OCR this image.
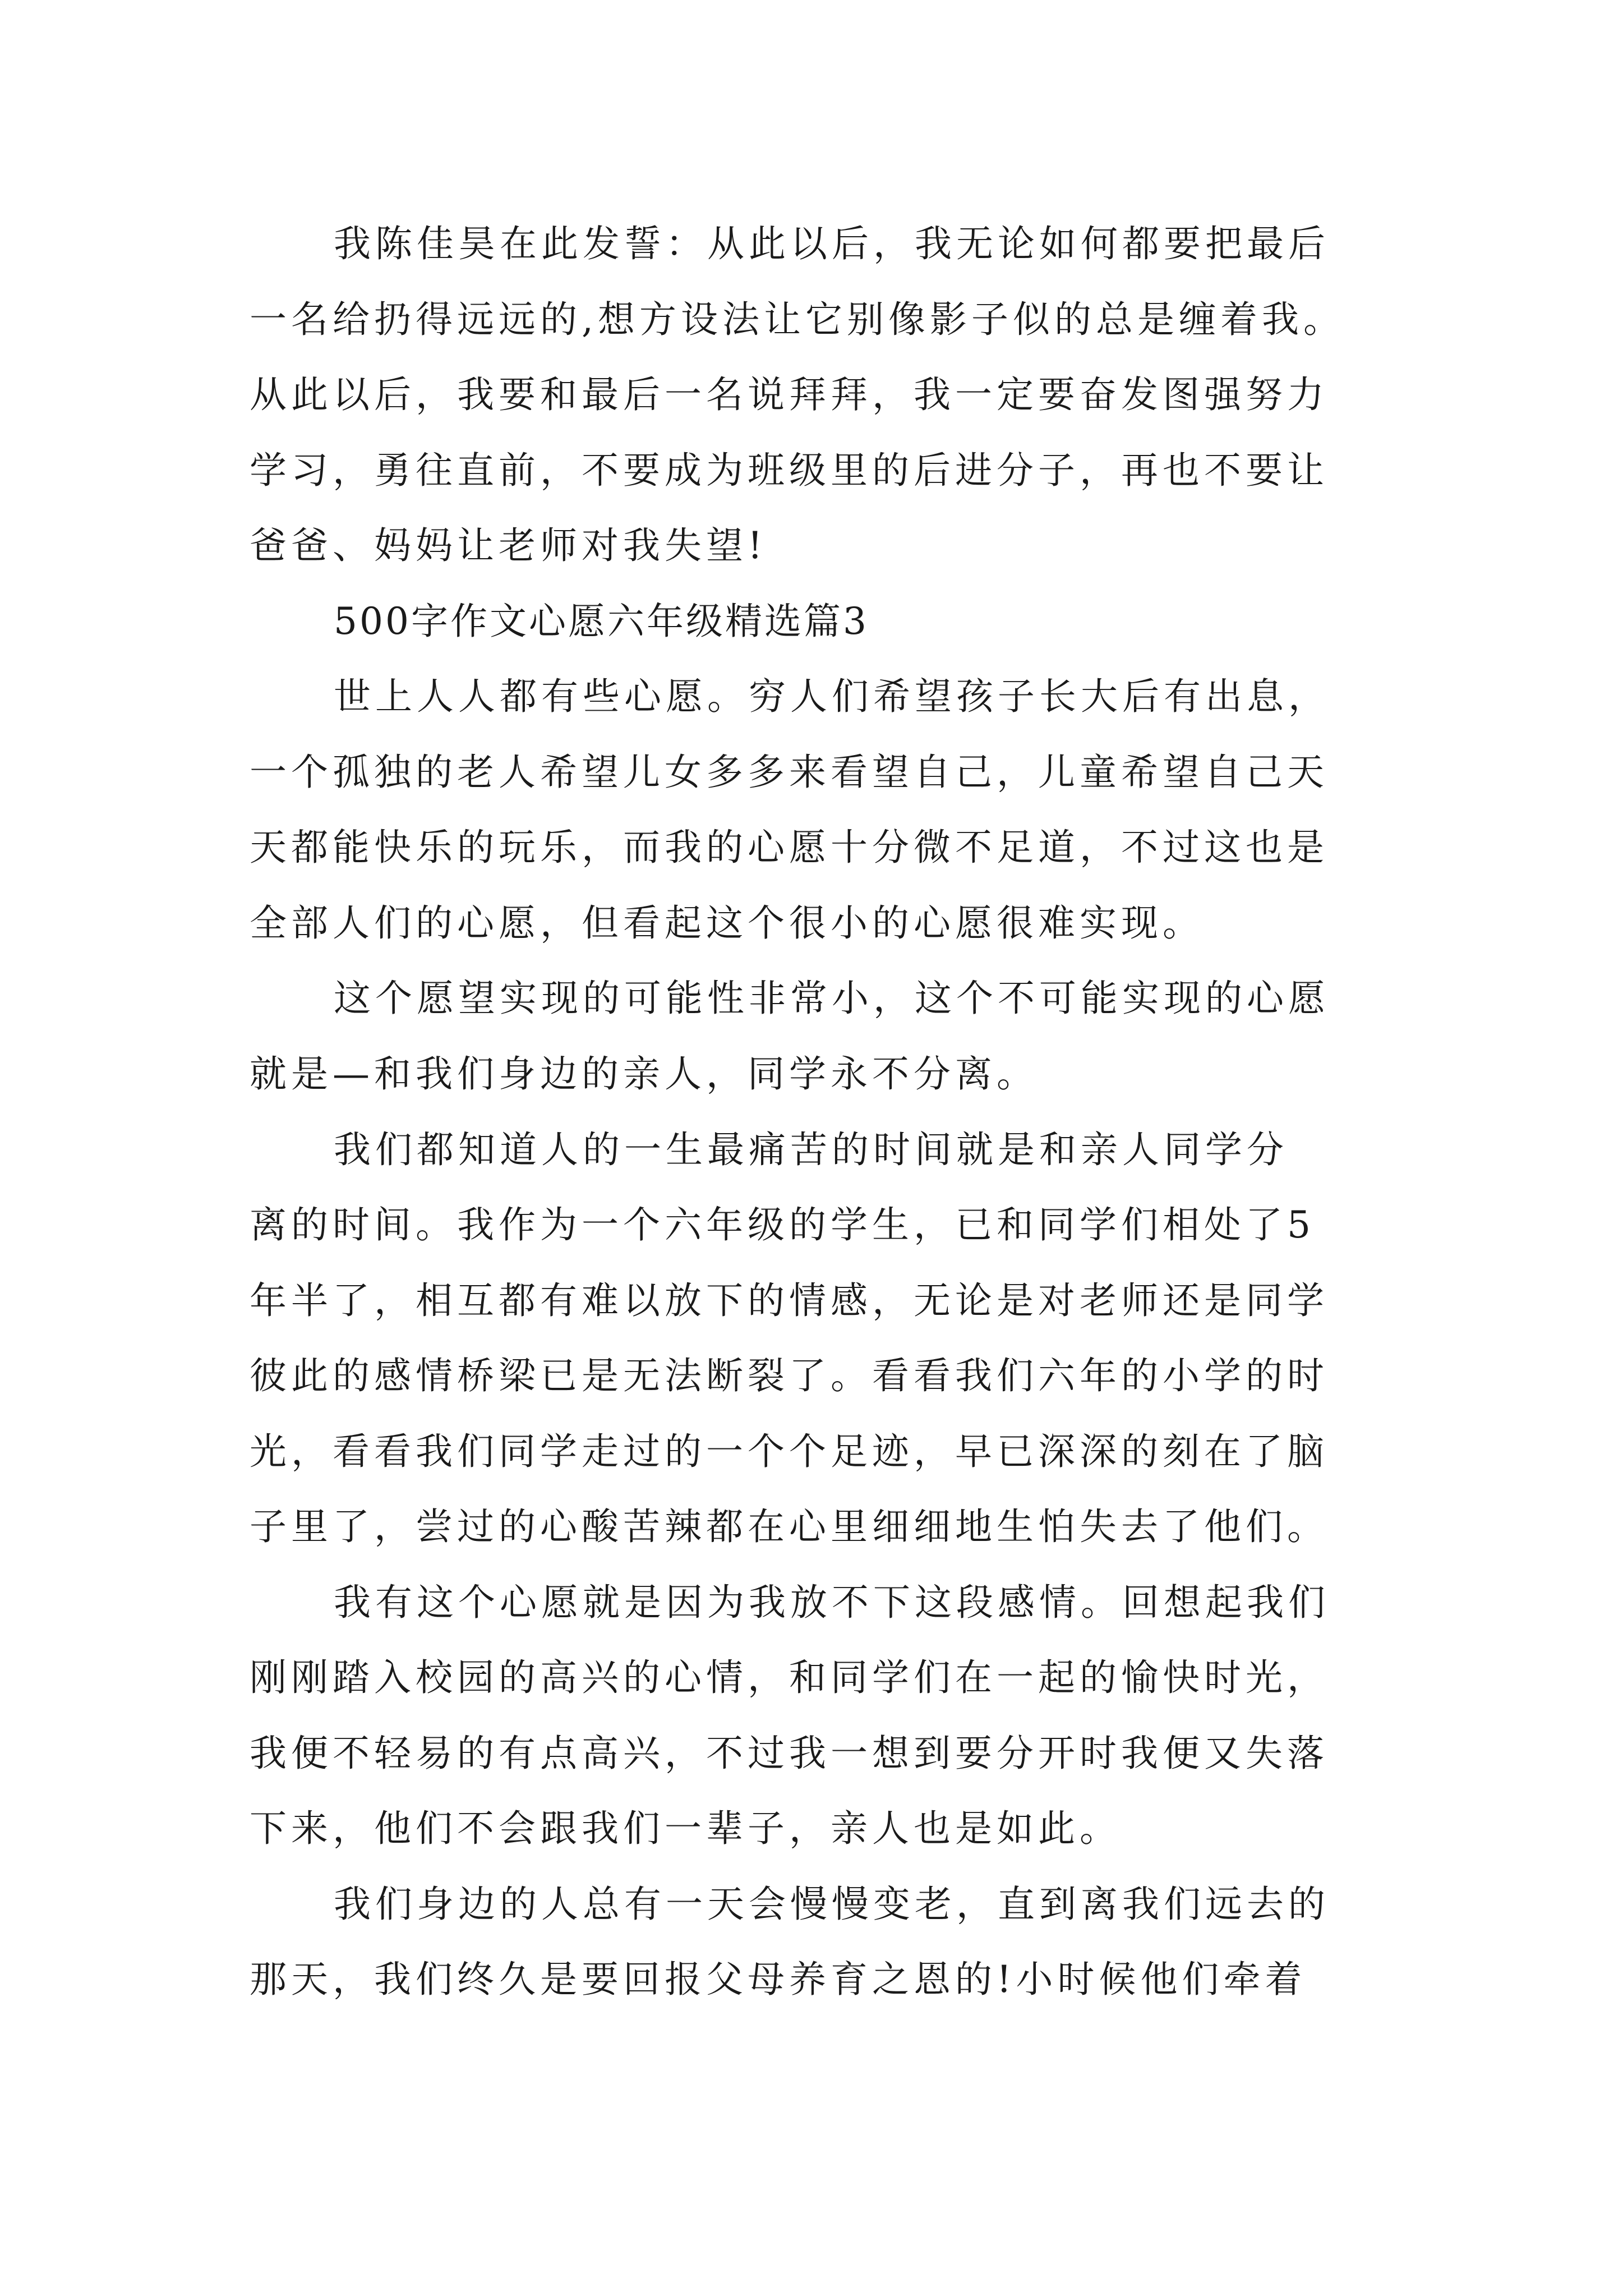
我陈佳昊在此发誓：从此以后，我无论如何都要把最后

一名给扔得远远的,想方设法让它别像影子似的总是缠着我。

从此以后，我要和最后一名说拜拜，我一定要奋发图强努力

学习，勇往直前，不要成为班级里的后进分子，再也不要让

爸爸、妈妈让老师对我失望!

500字作文心愿六年级精选篇3

世上人人都有些心愿。穷人们希望孩子长大后有出息，

一个孤独的老人希望儿女多多来看望自己，儿童希望自己天

天都能快乐的玩乐，而我的心愿十分微不足道，不过这也是

全部人们的心愿，但看起这个很小的心愿很难实现。

这个愿望实现的可能性非常小，这个不可能实现的心愿

就是—和我们身边的亲人，同学永不分离。

我们都知道人的一生最痛苦的时间就是和亲人同学分

离的时间。我作为一个六年级的学生，已和同学们相处了5

年半了，相互都有难以放下的情感，无论是对老师还是同学

彼此的感情桥梁已是无法断裂了。看看我们六年的小学的时

光，看看我们同学走过的一个个足迹，早已深深的刻在了脑

子里了，尝过的心酸苦辣都在心里细细地生怕失去了他们。

我有这个心愿就是因为我放不下这段感情。回想起我们

刚刚踏入校园的高兴的心情，和同学们在一起的愉快时光，

我便不轻易的有点高兴，不过我一想到要分开时我便又失落

下来，他们不会跟我们一辈子，亲人也是如此。

我们身边的人总有一天会慢慢变老，直到离我们远去的

那天，我们终久是要回报父母养育之恩的!小时候他们牵着
